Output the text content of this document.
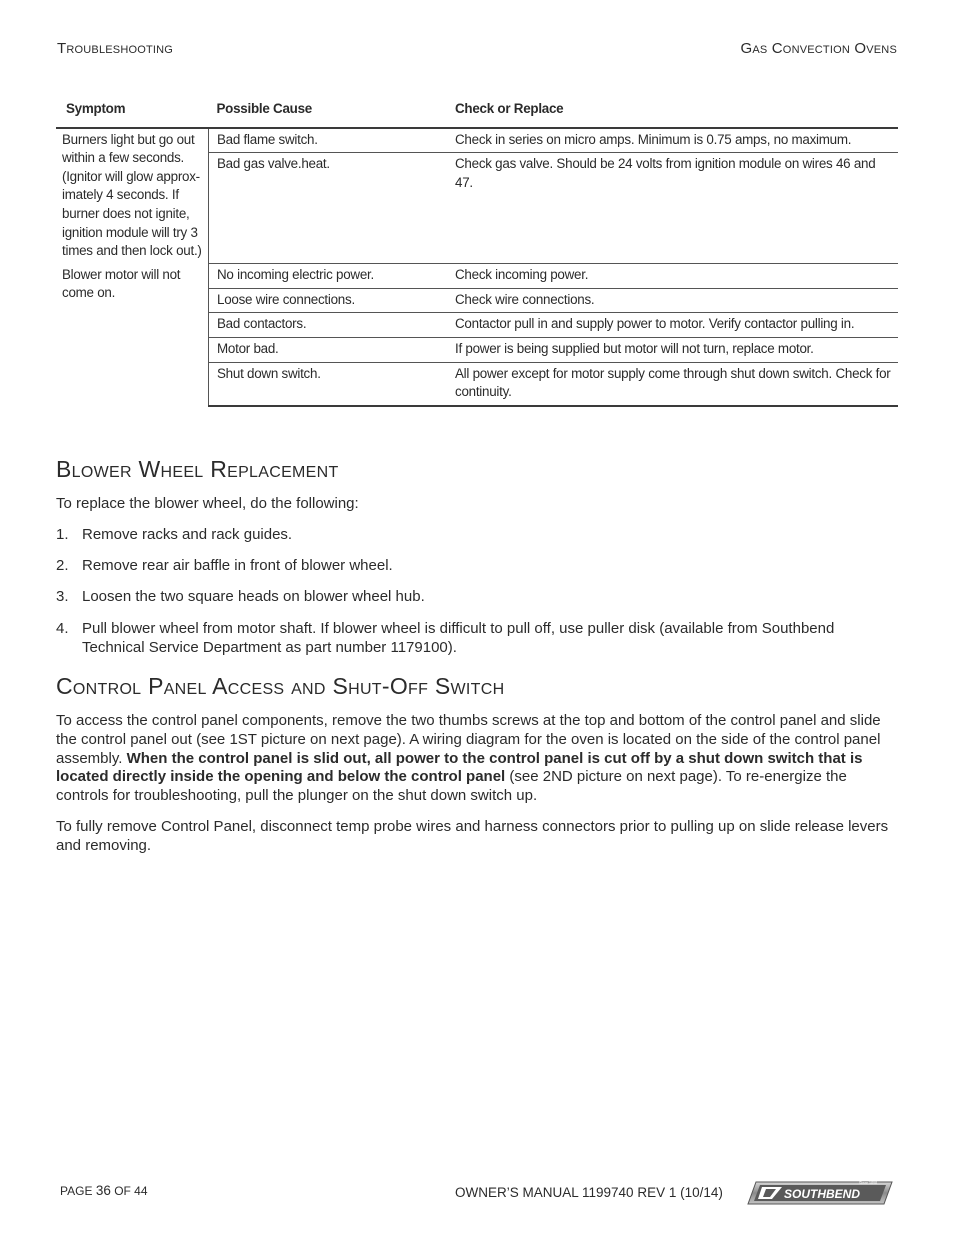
Troubleshooting	Gas Convection Ovens
Symptom	Possible Cause	Check or Replace
Burners light but go out within a few seconds. (Ignitor will glow approx-imately 4 seconds. If burner does not ignite, ignition module will try 3 times and then lock out.)	Bad flame switch.	Check in series on micro amps. Minimum is 0.75 amps, no maximum.
	Bad gas valve.heat.	Check gas valve. Should be 24 volts from ignition module on wires 46 and 47.
Blower motor will not come on.	No incoming electric power.	Check incoming power.
	Loose wire connections.	Check wire connections.
	Bad contactors.	Contactor pull in and supply power to motor. Verify contactor pulling in.
	Motor bad.	If power is being supplied but motor will not turn, replace motor.
	Shut down switch.	All power except for motor supply come through shut down switch. Check for continuity.
Blower Wheel Replacement

To replace the blower wheel, do the following:

1. Remove racks and rack guides.
2. Remove rear air baffle in front of blower wheel.
3. Loosen the two square heads on blower wheel hub.
4. Pull blower wheel from motor shaft. If blower wheel is difficult to pull off, use puller disk (available from Southbend Technical Service Department as part number 1179100).
Control Panel Access and Shut-Off Switch

To access the control panel components, remove the two thumbs screws at the top and bottom of the control panel and slide the control panel out (see 1ST picture on next page). A wiring diagram for the oven is located on the side of the control panel assembly. When the control panel is slid out, all power to the control panel is cut off by a shut down switch that is located directly inside the opening and below the control panel (see 2ND picture on next page). To re-energize the controls for troubleshooting, pull the plunger on the shut down switch up.

To fully remove Control Panel, disconnect temp probe wires and harness connectors prior to pulling up on slide release levers and removing.

PAGE 36 OF 44	OWNER’S MANUAL 1199740 REV 1 (10/14)	SOUTHBEND
Since 1898
